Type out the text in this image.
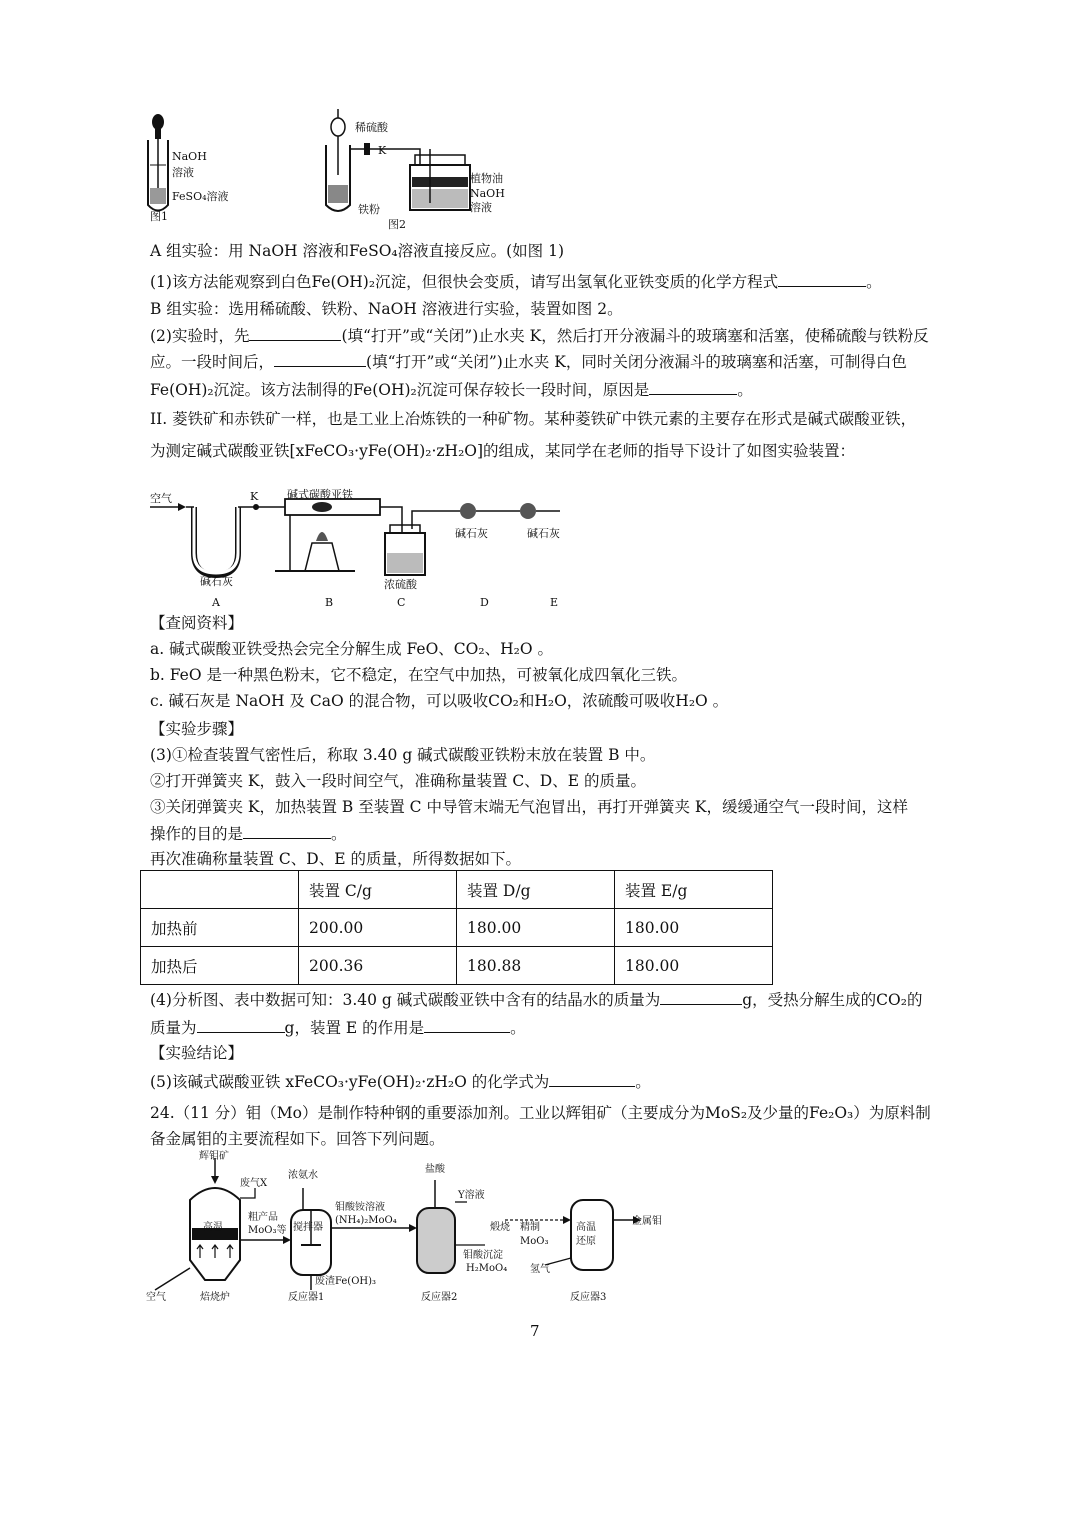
NaOH
溶液
FeSO₄溶液
图1
稀硫酸
K
铁粉
植物油
NaOH
溶液
图2
A 组实验：用 NaOH 溶液和FeSO₄溶液直接反应。(如图 1)
(1)该方法能观察到白色Fe(OH)₂沉淀，但很快会变质，请写出氢氧化亚铁变质的化学方程式	。
B 组实验：选用稀硫酸、铁粉、NaOH 溶液进行实验，装置如图 2。
(2)实验时，先	(填“打开”或“关闭”)止水夹 K，然后打开分液漏斗的玻璃塞和活塞，使稀硫酸与铁粉反
应。一段时间后，	(填“打开”或“关闭”)止水夹 K，同时关闭分液漏斗的玻璃塞和活塞，可制得白色
Fe(OH)₂沉淀。该方法制得的Fe(OH)₂沉淀可保存较长一段时间，原因是	。
II. 菱铁矿和赤铁矿一样，也是工业上冶炼铁的一种矿物。某种菱铁矿中铁元素的主要存在形式是碱式碳酸亚铁，
为测定碱式碳酸亚铁[xFeCO₃·yFe(OH)₂·zH₂O]的组成，某同学在老师的指导下设计了如图实验装置：
空气	K	碱式碳酸亚铁
碱石灰	浓硫酸
碱石灰	碱石灰
A	B	C	D	E
【查阅资料】
a. 碱式碳酸亚铁受热会完全分解生成 FeO、CO₂、H₂O 。
b. FeO 是一种黑色粉末，它不稳定，在空气中加热，可被氧化成四氧化三铁。
c. 碱石灰是 NaOH 及 CaO 的混合物，可以吸收CO₂和H₂O，浓硫酸可吸收H₂O 。
【实验步骤】
(3)①检查装置气密性后，称取 3.40 g 碱式碳酸亚铁粉末放在装置 B 中。
②打开弹簧夹 K，鼓入一段时间空气，准确称量装置 C、D、E 的质量。
③关闭弹簧夹 K，加热装置 B 至装置 C 中导管末端无气泡冒出，再打开弹簧夹 K，缓缓通空气一段时间，这样
操作的目的是	。
再次准确称量装置 C、D、E 的质量，所得数据如下。
	装置 C/g	装置 D/g	装置 E/g
加热前	200.00	180.00	180.00
加热后	200.36	180.88	180.00
(4)分析图、表中数据可知：3.40 g 碱式碳酸亚铁中含有的结晶水的质量为	g，受热分解生成的CO₂的
质量为	g，装置 E 的作用是	。
【实验结论】
(5)该碱式碳酸亚铁 xFeCO₃·yFe(OH)₂·zH₂O 的化学式为	。
24.（11 分）钼（Mo）是制作特种钢的重要添加剂。工业以辉钼矿（主要成分为MoS₂及少量的Fe₂O₃）为原料制
备金属钼的主要流程如下。回答下列问题。
辉钼矿
废气X
高温
空气	焙烧炉
粗产品
MoO₃等
浓氨水
搅拌器
钼酸铵溶液
(NH₄)₂MoO₄
废渣Fe(OH)₃
反应器1
盐酸
Y溶液
钼酸沉淀
H₂MoO₄
反应器2
煅烧 精制
MoO₃
氢气
高温
还原
金属钼
反应器3
7
